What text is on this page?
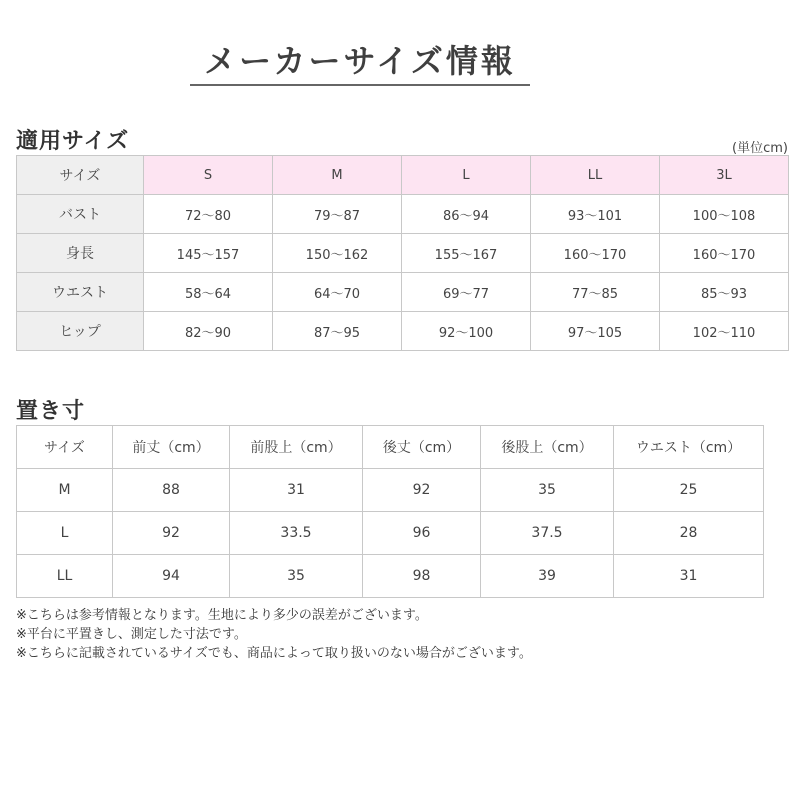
メーカーサイズ情報
適用サイズ	(単位cm)
サイズ	S	M	L	LL	3L
バスト	72〜80	79〜87	86〜94	93〜101	100〜108
身長	145〜157	150〜162	155〜167	160〜170	160〜170
ウエスト	58〜64	64〜70	69〜77	77〜85	85〜93
ヒップ	82〜90	87〜95	92〜100	97〜105	102〜110
置き寸
サイズ	前丈（cm）	前股上（cm）	後丈（cm）	後股上（cm）	ウエスト（cm）
M	88	31	92	35	25
L	92	33.5	96	37.5	28
LL	94	35	98	39	31
※こちらは参考情報となります。生地により多少の誤差がございます。
※平台に平置きし、測定した寸法です。
※こちらに記載されているサイズでも、商品によって取り扱いのない場合がございます。
